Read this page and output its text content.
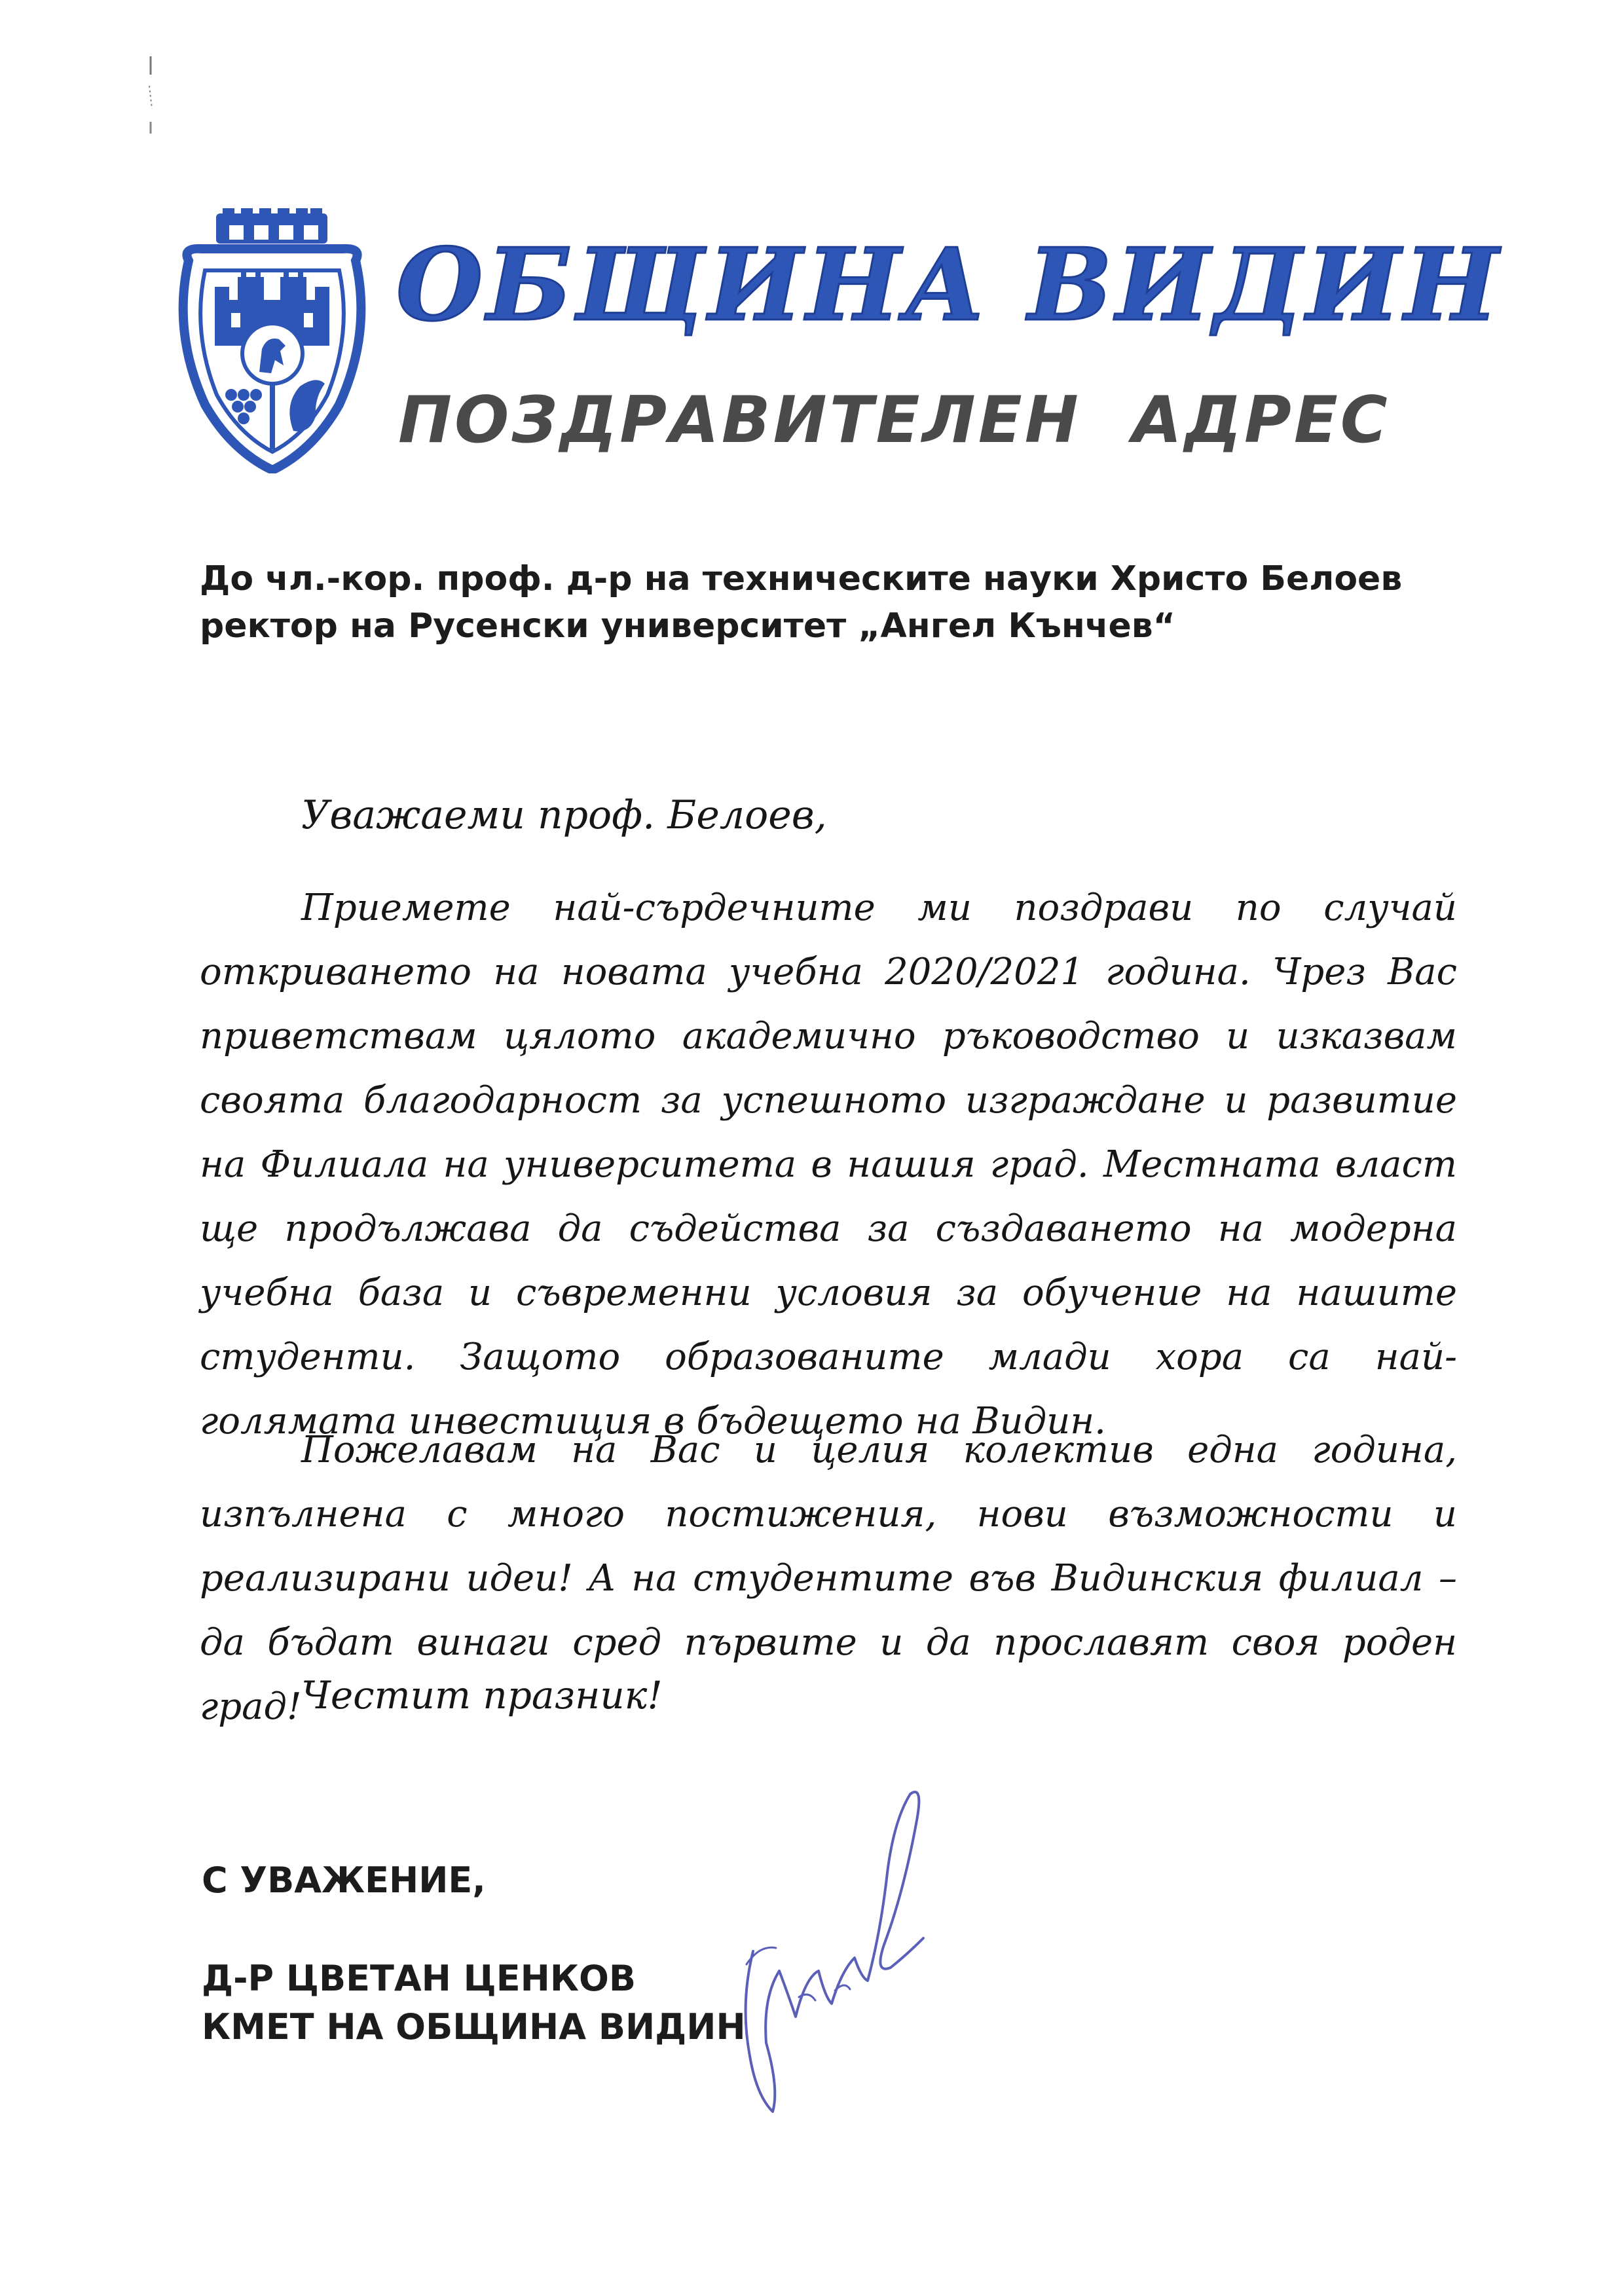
ОБЩИНА ВИДИН
ПОЗДРАВИТЕЛЕН АДРЕС
До чл.-кор. проф. д-р на техническите науки Христо Белоев
ректор на Русенски университет „Ангел Кънчев“
Уважаеми проф. Белоев,
Приемете най-сърдечните ми поздрави по случай откриването на новата учебна 2020/2021 година. Чрез Вас приветствам цялото академично ръководство и изказвам своята благодарност за успешното изграждане и развитие на Филиала на университета в нашия град. Местната власт ще продължава да съдейства за създаването на модерна учебна база и съвременни условия за обучение на нашите студенти. Защото образованите млади хора са най-голямата инвестиция в бъдещето на Видин.
Пожелавам на Вас и целия колектив една година, изпълнена с много постижения, нови възможности и реализирани идеи! А на студентите във Видинския филиал – да бъдат винаги сред първите и да прославят своя роден град! Честит празник!
С УВАЖЕНИЕ,
Д-Р ЦВЕТАН ЦЕНКОВ
КМЕТ НА ОБЩИНА ВИДИН
